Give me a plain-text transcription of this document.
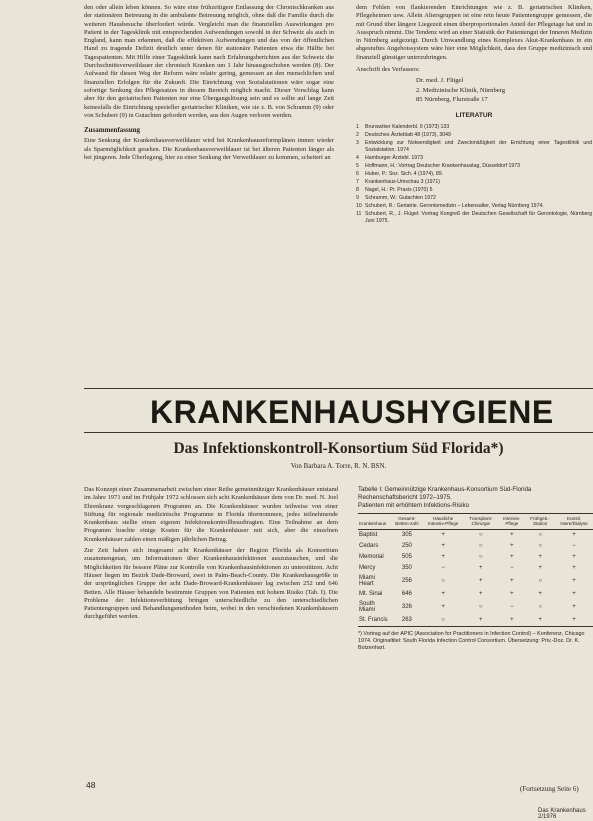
den oder allein leben können. So wäre eine frühzeitigere Entlassung der Chronischkranken aus der stationären Betreuung in die ambulante Betreuung möglich, ohne daß die Familie durch die weiteren Hausbesuche überfordert würde. Vergleicht man die finanziellen Auswirkungen pro Patient in der Tagesklinik mit entsprechenden Aufwendungen sowohl in der Schweiz als auch in England, kann man erkennen, daß die effektiven Aufwendungen und das von der öffentlichen Hand zu tragende Defizit deutlich unter denen für stationäre Patienten etwa die Hälfte bei Tagespatienten. Mit Hilfe einer Tagesklinik kann nach Erfahrungsberichten aus der Schweiz die Durchschnittsverweildauer der chronisch Kranken um 1 Jahr hinausgeschoben werden (8). Der Aufwand für diesen Weg der Reform wäre relativ gering, gemessen an den menschlichen und finanziellen Erfolgen für die Zukunft. Die Einrichtung von Sozialstationen wäre sogar eine sofortige Senkung des Pflegesatzes in diesem Bereich möglich macht. Dieser Vorschlag kann aber für den geriatrischen Patienten nur eine Übergangslösung sein und es sollte auf lange Zeit keinesfalls die Einrichtung spezieller geriatrischer Kliniken, wie sie z. B. von Schramm (9) oder von Schubert (9) in Gutachten gefordert werden, aus den Augen verloren werden.

Zusammenfassung

Eine Senkung der Krankenhausverweildauer wird bei Krankenhausreformplänen immer wieder als Sparmöglichkeit gesehen. Die Krankenhausverweildauer ist bei älteren Patienten länger als bei jüngeren. Jede Überlegung, hier zu einer Senkung der Verweildauer zu kommen, scheitert an

dem Fehlen von flankierenden Einrichtungen wie z. B. geriatrischen Kliniken, Pflegeheimen usw. Allein Altersgruppen ist eine rein heute Patientengruppe gemessen, die mit Grund über längere Liegezeit einen überproportionalen Anteil der Pflegetage hat und in Ausspruch nimmt. Die Tendenz wird an einer Statistik der Patientengut der Inneren Medizin in Nürnberg aufgezeigt. Durch Umwandlung eines Komplexes Akut-Krankenhaus in ein abgestuftes Angebotssystem wäre hier eine Möglichkeit, dass den Gruppe medizinisch und finanziell günstiger unterzubringen.

Anschrift des Verfassers:
Dr. med. J. Flügel
2. Medizinische Klinik, Nürnberg
85 Nürnberg, Flurstraße 17
LITERATUR
1	Brunswiker Kalenderbl. 9 (1973) 133
2	Deutsches Ärzteblatt 48 (1973), 3049
3	Entwicklung zur Notwendigkeit und Zweckmäßigkeit der Errichtung einer Tagesklinik und Sozialstation. 1974
4	Hamburger Ärztebl. 1973
5	Hoffmann, H.: Vortrag Deutscher Krankenhaustag, Düsseldorf 1973
6	Huber, P.: Soz. Sich. 4 (1974), 89.
7	Krankenhaus-Umschau 3 (1971)
8	Nagel, H.: Pr. Praxis (1970) 5
9	Schramm, W.: Gutachten 1972
10 Schubert, R.: Geriatrie. Gerontomedizin – Lebensalter, Verlag Nürnberg 1974.
11 Schubert, R., J. Flügel: Vortrag Kongreß der Deutschen Gesellschaft für Gerontologie, Nürnberg Juni 1975.
KRANKENHAUSHYGIENE
Das Infektionskontroll-Konsortium Süd Florida*)
Von Barbara A. Torre, R. N. BSN.

Das Konzept einer Zusammenarbeit zwischen einer Reihe gemeinnütziger Krankenhäuser entstand im Jahre 1971 und im Frühjahr 1972 schlossen sich acht Krankenhäuser dem von Dr. med. N. Joel Ehrenkranz vorgeschlagenen Programm an. Die Krankenhäuser wurden teilweise von einer Stiftung für regionale medizinische Programme in Florida übernommen, jedes teilnehmende Krankenhaus stellte einen eigenen Infektionskontrollbeauftragten. Eine Teilnahme an dem Programm brachte einige Kosten für die Krankenhäuser mit sich, aber die einzelnen Krankenhäuser zahlen einen mäßigen jährlichen Betrag.

Zur Zeit haben sich insgesamt acht Krankenhäuser der Region Florida als Konsortium zusammengetan, um Informationen über Krankenhausinfektionen auszutauschen, und die Möglichkeiten für bessere Pläne zur Kontrolle von Krankenhausinfektionen zu unterstützen. Acht Häuser liegen im Bezirk Dade-Broward, zwei in Palm-Beach-County. Die Krankenhausgröße in der ursprünglichen Gruppe der acht Dade-Broward-Krankenhäuser lag zwischen 252 und 646 Betten. Alle Häuser behandeln bestimmte Gruppen von Patienten mit hohem Risiko (Tab. I). Die Probleme der Infektionsverhütung bringen unterschiedliche zu den unterschiedlichen Patientengruppen und Behandlungsmethoden beim, wobei in den verschiedenen Krankenhäusern durchgeführt werden.

Tabelle I: Gemeinnützige Krankenhaus-Konsortium Süd-Florida
Rechenschaftsbericht 1972–1975.
Patienten mit erhöhtem Infektions-Risiko
Krankenhaus	Gesamt-Betten-zahl	Häusliche Intensiv-Pflege	Transplant-Chirurgie	Intensiv-Pflege	Frühgeb.-Station	Künstl. Niere/Dialyse
Baptist	305	+	○	+	○	+
Cedars	250	+	○	+	○	−
Memorial	505	+	○	+	+	+
Mercy	350	−	+	−	+	+
Miami Heart	256	○	+	+	○	+
Mt. Sinai	646	+	+	+	+	+
South Miami	326	+	○	−	○	+
St. Francis	263	○	+	+	+	+
*) Vortrag auf der APIC (Association for Practitioners in Infection Control) – Konferenz, Chicago 1974. Originaltitel: South Florida Infection Control Consortium. Übersetzung: Priv.-Doz. Dr. K. Botzenhart.
(Fortsetzung Seite 6)
48
Das Krankenhaus 2/1976
